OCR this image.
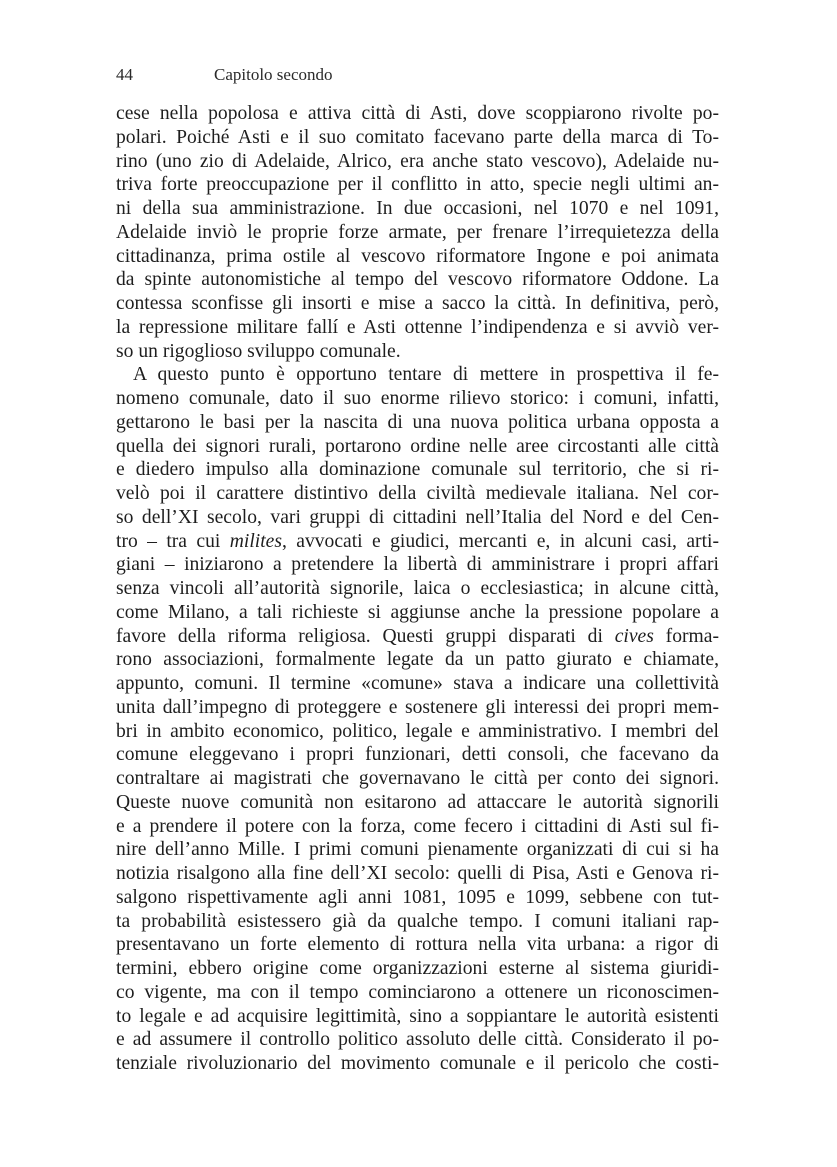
44	Capitolo secondo
cese nella popolosa e attiva città di Asti, dove scoppiarono rivolte po-
polari. Poiché Asti e il suo comitato facevano parte della marca di To-
rino (uno zio di Adelaide, Alrico, era anche stato vescovo), Adelaide nu-
triva forte preoccupazione per il conflitto in atto, specie negli ultimi an-
ni della sua amministrazione. In due occasioni, nel 1070 e nel 1091,
Adelaide inviò le proprie forze armate, per frenare l’irrequietezza della
cittadinanza, prima ostile al vescovo riformatore Ingone e poi animata
da spinte autonomistiche al tempo del vescovo riformatore Oddone. La
contessa sconfisse gli insorti e mise a sacco la città. In definitiva, però,
la repressione militare fallí e Asti ottenne l’indipendenza e si avviò ver-
so un rigoglioso sviluppo comunale.
A questo punto è opportuno tentare di mettere in prospettiva il fe-
nomeno comunale, dato il suo enorme rilievo storico: i comuni, infatti,
gettarono le basi per la nascita di una nuova politica urbana opposta a
quella dei signori rurali, portarono ordine nelle aree circostanti alle città
e diedero impulso alla dominazione comunale sul territorio, che si ri-
velò poi il carattere distintivo della civiltà medievale italiana. Nel cor-
so dell’XI secolo, vari gruppi di cittadini nell’Italia del Nord e del Cen-
tro – tra cui milites, avvocati e giudici, mercanti e, in alcuni casi, arti-
giani – iniziarono a pretendere la libertà di amministrare i propri affari
senza vincoli all’autorità signorile, laica o ecclesiastica; in alcune città,
come Milano, a tali richieste si aggiunse anche la pressione popolare a
favore della riforma religiosa. Questi gruppi disparati di cives forma-
rono associazioni, formalmente legate da un patto giurato e chiamate,
appunto, comuni. Il termine «comune» stava a indicare una collettività
unita dall’impegno di proteggere e sostenere gli interessi dei propri mem-
bri in ambito economico, politico, legale e amministrativo. I membri del
comune eleggevano i propri funzionari, detti consoli, che facevano da
contraltare ai magistrati che governavano le città per conto dei signori.
Queste nuove comunità non esitarono ad attaccare le autorità signorili
e a prendere il potere con la forza, come fecero i cittadini di Asti sul fi-
nire dell’anno Mille. I primi comuni pienamente organizzati di cui si ha
notizia risalgono alla fine dell’XI secolo: quelli di Pisa, Asti e Genova ri-
salgono rispettivamente agli anni 1081, 1095 e 1099, sebbene con tut-
ta probabilità esistessero già da qualche tempo. I comuni italiani rap-
presentavano un forte elemento di rottura nella vita urbana: a rigor di
termini, ebbero origine come organizzazioni esterne al sistema giuridi-
co vigente, ma con il tempo cominciarono a ottenere un riconoscimen-
to legale e ad acquisire legittimità, sino a soppiantare le autorità esistenti
e ad assumere il controllo politico assoluto delle città. Considerato il po-
tenziale rivoluzionario del movimento comunale e il pericolo che costi-
